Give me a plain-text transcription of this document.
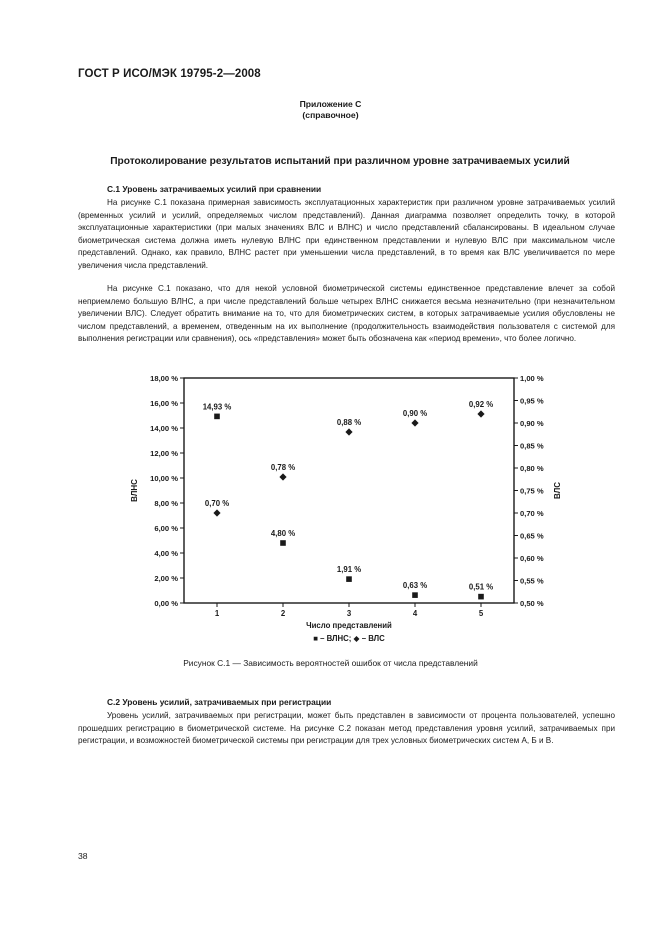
ГОСТ Р ИСО/МЭК 19795-2—2008
Приложение С
(справочное)
Протоколирование результатов испытаний при различном уровне затрачиваемых усилий
С.1 Уровень затрачиваемых усилий при сравнении

На рисунке С.1 показана примерная зависимость эксплуатационных характеристик при различном уровне затрачиваемых усилий (временных усилий и усилий, определяемых числом представлений). Данная диаграмма позволяет определить точку, в которой эксплуатационные характеристики (при малых значениях ВЛС и ВЛНС) и число представлений сбалансированы. В идеальном случае биометрическая система должна иметь нулевую ВЛНС при единственном представлении и нулевую ВЛС при максимальном числе представлений. Однако, как правило, ВЛНС растет при уменьшении числа представлений, в то время как ВЛС увеличивается по мере увеличения числа представлений.

На рисунке С.1 показано, что для некой условной биометрической системы единственное представление влечет за собой неприемлемо большую ВЛНС, а при числе представлений больше четырех ВЛНС снижается весьма незначительно (при незначительном увеличении ВЛС). Следует обратить внимание на то, что для биометрических систем, в которых затрачиваемые усилия обусловлены не числом представлений, а временем, отведенным на их выполнение (продолжительность взаимодействия пользователя с системой для выполнения регистрации или сравнения), ось «представления» может быть обозначена как «период времени», что более логично.

0,00 %
2,00 %
4,00 %
6,00 %
8,00 %
10,00 %
12,00 %
14,00 %
16,00 %
18,00 %
0,50 %
0,55 %
0,60 %
0,65 %
0,70 %
0,75 %
0,80 %
0,85 %
0,90 %
0,95 %
1,00 %
1	2	3	4	5
ВЛНС	ВЛС
Число представлений
■ – ВЛНС; ◆ – ВЛС
14,93 %
4,80 %
1,91 %
0,63 %	0,51 %
0,70 %
0,78 %
0,88 %
0,90 %
0,92 %
Рисунок С.1 — Зависимость вероятностей ошибок от числа представлений
С.2 Уровень усилий, затрачиваемых при регистрации

Уровень усилий, затрачиваемых при регистрации, может быть представлен в зависимости от процента пользователей, успешно прошедших регистрацию в биометрической системе. На рисунке С.2 показан метод представления уровня усилий, затрачиваемых при регистрации, и возможностей биометрической системы при регистрации для трех условных биометрических систем А, Б и В.

38
